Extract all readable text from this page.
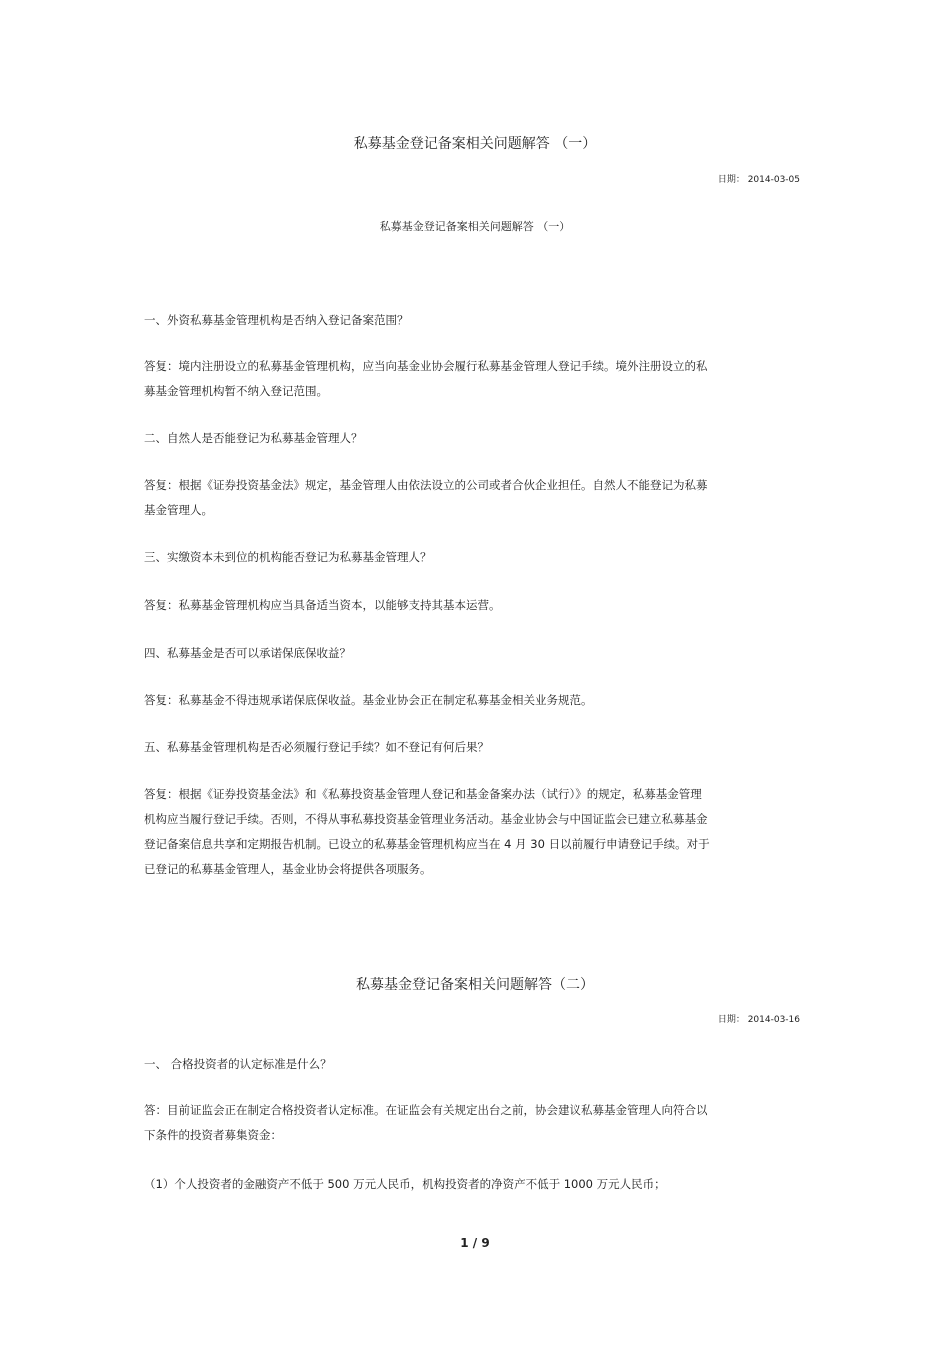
私募基金登记备案相关问题解答 （一）
日期： 2014-03-05
私募基金登记备案相关问题解答 （一）
一、外资私募基金管理机构是否纳入登记备案范围？
答复：境内注册设立的私募基金管理机构，应当向基金业协会履行私募基金管理人登记手续。境外注册设立的私
募基金管理机构暂不纳入登记范围。
二、自然人是否能登记为私募基金管理人？
答复：根据《证券投资基金法》规定，基金管理人由依法设立的公司或者合伙企业担任。自然人不能登记为私募
基金管理人。
三、实缴资本未到位的机构能否登记为私募基金管理人？
答复：私募基金管理机构应当具备适当资本，以能够支持其基本运营。
四、私募基金是否可以承诺保底保收益？
答复：私募基金不得违规承诺保底保收益。基金业协会正在制定私募基金相关业务规范。
五、私募基金管理机构是否必须履行登记手续？如不登记有何后果？
答复：根据《证券投资基金法》和《私募投资基金管理人登记和基金备案办法（试行）》的规定，私募基金管理
机构应当履行登记手续。否则，不得从事私募投资基金管理业务活动。基金业协会与中国证监会已建立私募基金
登记备案信息共享和定期报告机制。已设立的私募基金管理机构应当在 4 月 30 日以前履行申请登记手续。对于
已登记的私募基金管理人，基金业协会将提供各项服务。
私募基金登记备案相关问题解答（二）
日期： 2014-03-16
一、 合格投资者的认定标准是什么？
答：目前证监会正在制定合格投资者认定标准。在证监会有关规定出台之前，协会建议私募基金管理人向符合以
下条件的投资者募集资金：
（1）个人投资者的金融资产不低于 500 万元人民币，机构投资者的净资产不低于 1000 万元人民币；
1 / 9
